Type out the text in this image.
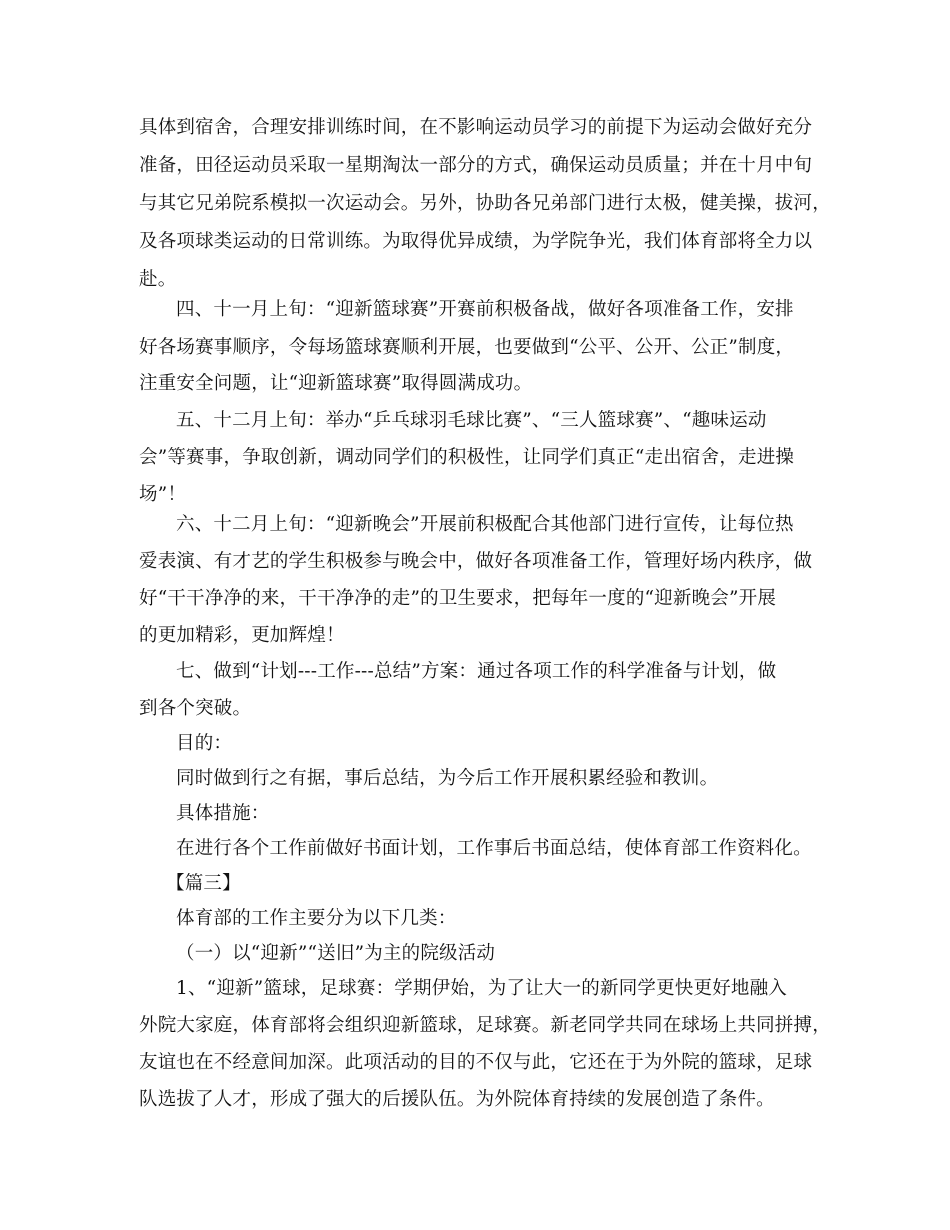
具体到宿舍，合理安排训练时间，在不影响运动员学习的前提下为运动会做好充分
准备，田径运动员采取一星期淘汰一部分的方式，确保运动员质量；并在十月中旬
与其它兄弟院系模拟一次运动会。另外，协助各兄弟部门进行太极，健美操，拔河，
及各项球类运动的日常训练。为取得优异成绩，为学院争光，我们体育部将全力以
赴。
四、十一月上旬：“迎新篮球赛”开赛前积极备战，做好各项准备工作，安排
好各场赛事顺序，令每场篮球赛顺利开展，也要做到“公平、公开、公正”制度，
注重安全问题，让“迎新篮球赛”取得圆满成功。
五、十二月上旬：举办“乒乓球羽毛球比赛”、“三人篮球赛”、“趣味运动
会”等赛事，争取创新，调动同学们的积极性，让同学们真正“走出宿舍，走进操
场”！
六、十二月上旬：“迎新晚会”开展前积极配合其他部门进行宣传，让每位热
爱表演、有才艺的学生积极参与晚会中，做好各项准备工作，管理好场内秩序，做
好“干干净净的来，干干净净的走”的卫生要求，把每年一度的“迎新晚会”开展
的更加精彩，更加辉煌！
七、做到“计划---工作---总结”方案：通过各项工作的科学准备与计划，做
到各个突破。
目的：
同时做到行之有据，事后总结，为今后工作开展积累经验和教训。
具体措施：
在进行各个工作前做好书面计划，工作事后书面总结，使体育部工作资料化。
【篇三】
体育部的工作主要分为以下几类：
（一）以“迎新”“送旧”为主的院级活动
1、“迎新”篮球，足球赛：学期伊始，为了让大一的新同学更快更好地融入
外院大家庭，体育部将会组织迎新篮球，足球赛。新老同学共同在球场上共同拼搏，
友谊也在不经意间加深。此项活动的目的不仅与此，它还在于为外院的篮球，足球
队选拔了人才，形成了强大的后援队伍。为外院体育持续的发展创造了条件。
